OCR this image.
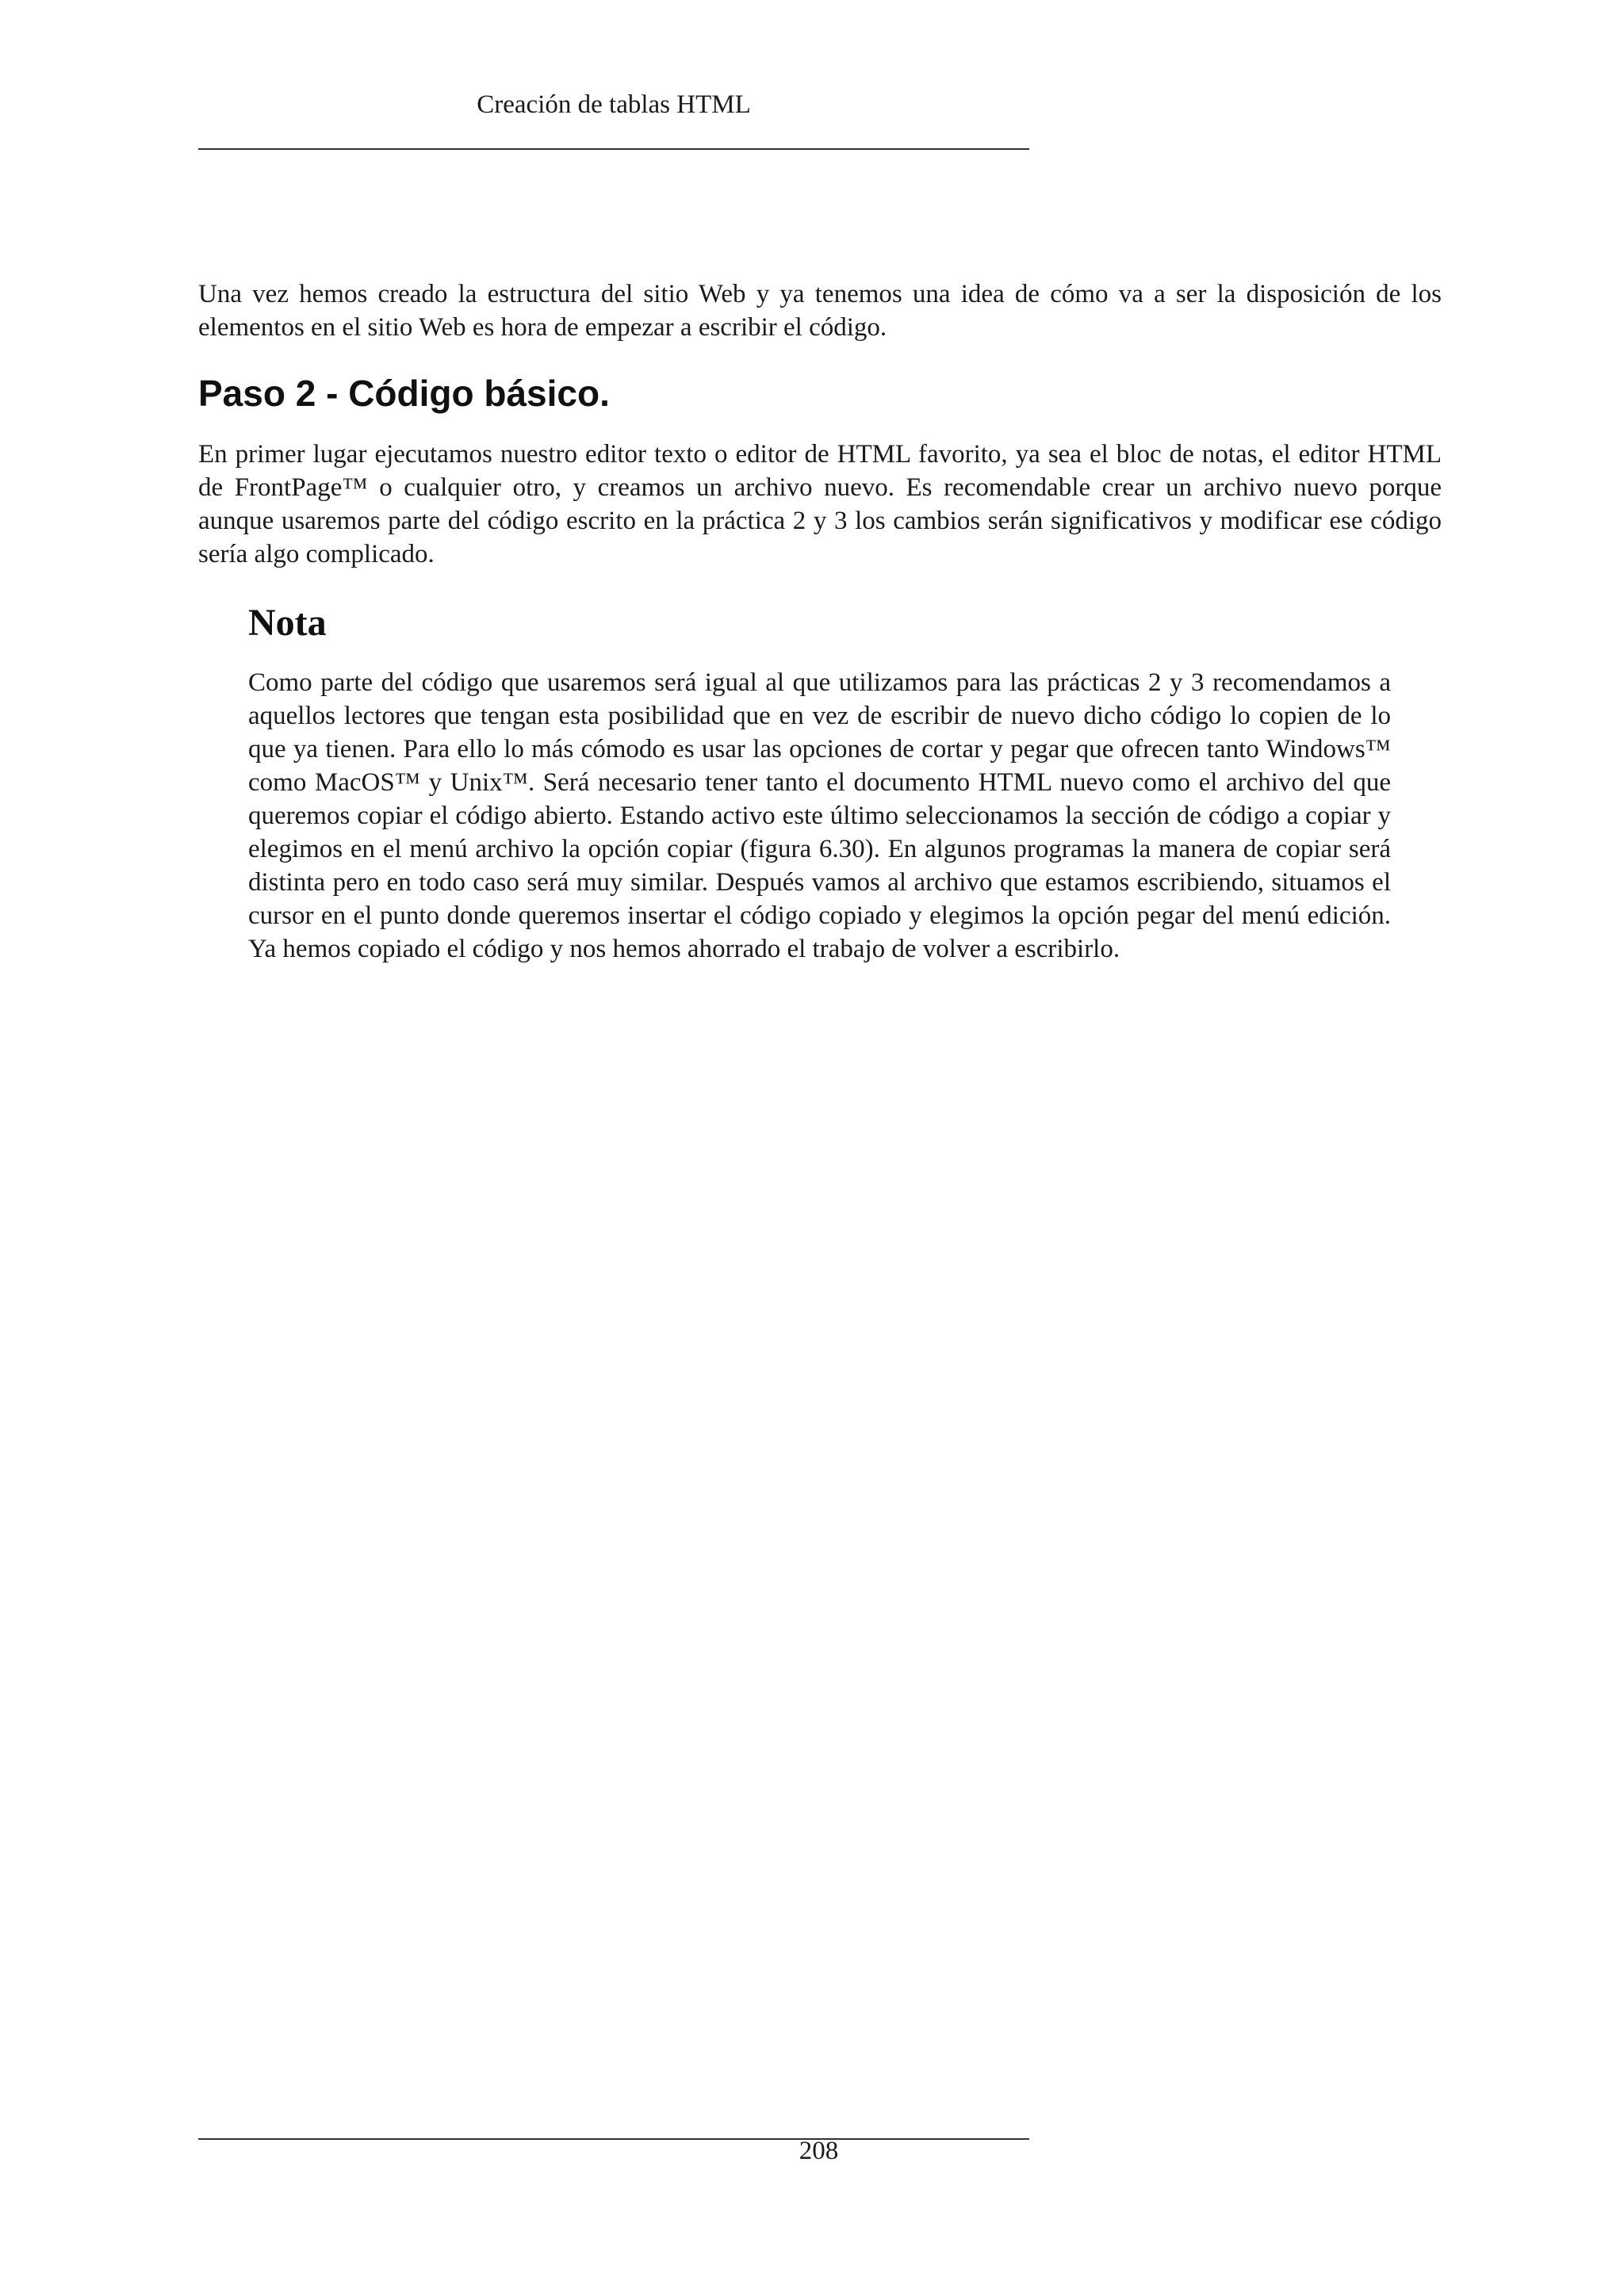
Creación de tablas HTML

Una vez hemos creado la estructura del sitio Web y ya tenemos una idea de cómo va a ser la disposición de los elementos en el sitio Web es hora de empezar a escribir el código.

Paso 2 - Código básico.

En primer lugar ejecutamos nuestro editor texto o editor de HTML favorito, ya sea el bloc de notas, el editor HTML de FrontPage™ o cualquier otro, y creamos un archivo nuevo. Es recomendable crear un archivo nuevo porque aunque usaremos parte del código escrito en la práctica 2 y 3 los cambios serán significativos y modificar ese código sería algo complicado.

Nota

Como parte del código que usaremos será igual al que utilizamos para las prácticas 2 y 3 recomendamos a aquellos lectores que tengan esta posibilidad que en vez de escribir de nuevo dicho código lo copien de lo que ya tienen. Para ello lo más cómodo es usar las opciones de cortar y pegar que ofrecen tanto Windows™ como MacOS™ y Unix™. Será necesario tener tanto el documento HTML nuevo como el archivo del que queremos copiar el código abierto. Estando activo este último seleccionamos la sección de código a copiar y elegimos en el menú archivo la opción copiar (figura 6.30). En algunos programas la manera de copiar será distinta pero en todo caso será muy similar. Después vamos al archivo que estamos escribiendo, situamos el cursor en el punto donde queremos insertar el código copiado y elegimos la opción pegar del menú edición. Ya hemos copiado el código y nos hemos ahorrado el trabajo de volver a escribirlo.

208
